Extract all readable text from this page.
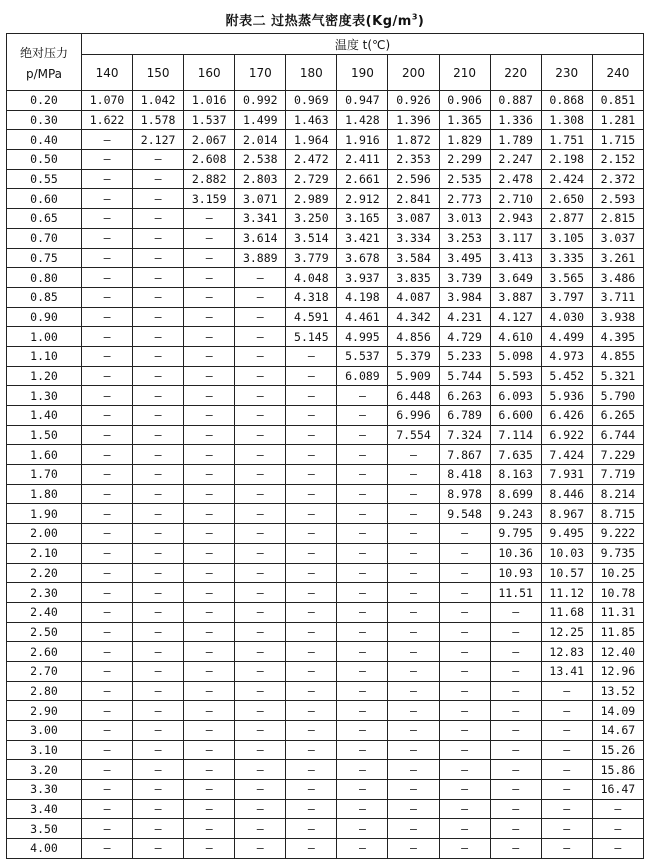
附表二 过热蒸气密度表$(Kg/m^3)$
绝对压力
p/MPa	温度 t(℃)										
	140	150	160	170	180	190	200	210	220	230	240
0.20	1.070	1.042	1.016	0.992	0.969	0.947	0.926	0.906	0.887	0.868	0.851
0.30	1.622	1.578	1.537	1.499	1.463	1.428	1.396	1.365	1.336	1.308	1.281
0.40	—	2.127	2.067	2.014	1.964	1.916	1.872	1.829	1.789	1.751	1.715
0.50	—	—	2.608	2.538	2.472	2.411	2.353	2.299	2.247	2.198	2.152
0.55	—	—	2.882	2.803	2.729	2.661	2.596	2.535	2.478	2.424	2.372
0.60	—	—	3.159	3.071	2.989	2.912	2.841	2.773	2.710	2.650	2.593
0.65	—	—	—	3.341	3.250	3.165	3.087	3.013	2.943	2.877	2.815
0.70	—	—	—	3.614	3.514	3.421	3.334	3.253	3.117	3.105	3.037
0.75	—	—	—	3.889	3.779	3.678	3.584	3.495	3.413	3.335	3.261
0.80	—	—	—	—	4.048	3.937	3.835	3.739	3.649	3.565	3.486
0.85	—	—	—	—	4.318	4.198	4.087	3.984	3.887	3.797	3.711
0.90	—	—	—	—	4.591	4.461	4.342	4.231	4.127	4.030	3.938
1.00	—	—	—	—	5.145	4.995	4.856	4.729	4.610	4.499	4.395
1.10	—	—	—	—	—	5.537	5.379	5.233	5.098	4.973	4.855
1.20	—	—	—	—	—	6.089	5.909	5.744	5.593	5.452	5.321
1.30	—	—	—	—	—	—	6.448	6.263	6.093	5.936	5.790
1.40	—	—	—	—	—	—	6.996	6.789	6.600	6.426	6.265
1.50	—	—	—	—	—	—	7.554	7.324	7.114	6.922	6.744
1.60	—	—	—	—	—	—	—	7.867	7.635	7.424	7.229
1.70	—	—	—	—	—	—	—	8.418	8.163	7.931	7.719
1.80	—	—	—	—	—	—	—	8.978	8.699	8.446	8.214
1.90	—	—	—	—	—	—	—	9.548	9.243	8.967	8.715
2.00	—	—	—	—	—	—	—	—	9.795	9.495	9.222
2.10	—	—	—	—	—	—	—	—	10.36	10.03	9.735
2.20	—	—	—	—	—	—	—	—	10.93	10.57	10.25
2.30	—	—	—	—	—	—	—	—	11.51	11.12	10.78
2.40	—	—	—	—	—	—	—	—	—	11.68	11.31
2.50	—	—	—	—	—	—	—	—	—	12.25	11.85
2.60	—	—	—	—	—	—	—	—	—	12.83	12.40
2.70	—	—	—	—	—	—	—	—	—	13.41	12.96
2.80	—	—	—	—	—	—	—	—	—	—	13.52
2.90	—	—	—	—	—	—	—	—	—	—	14.09
3.00	—	—	—	—	—	—	—	—	—	—	14.67
3.10	—	—	—	—	—	—	—	—	—	—	15.26
3.20	—	—	—	—	—	—	—	—	—	—	15.86
3.30	—	—	—	—	—	—	—	—	—	—	16.47
3.40	—	—	—	—	—	—	—	—	—	—	—
3.50	—	—	—	—	—	—	—	—	—	—	—
4.00	—	—	—	—	—	—	—	—	—	—	—
